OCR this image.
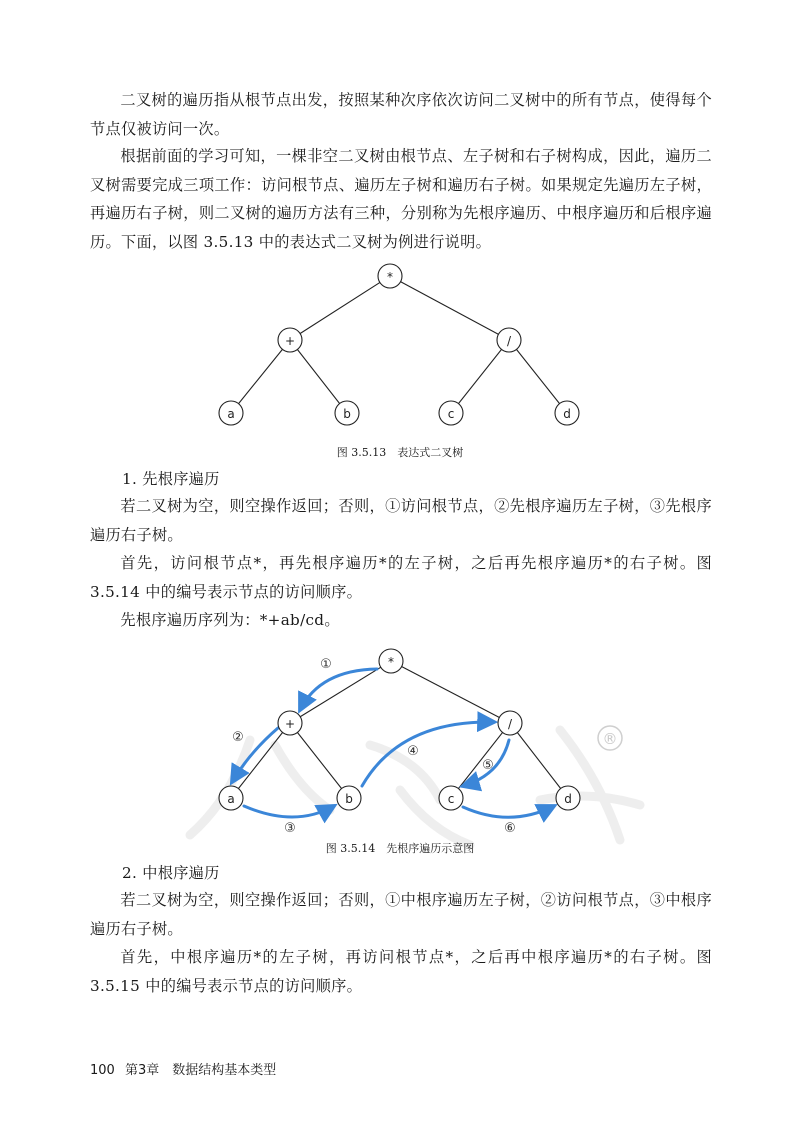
二叉树的遍历指从根节点出发，按照某种次序依次访问二叉树中的所有节点，使得每个节点仅被访问一次。

根据前面的学习可知，一棵非空二叉树由根节点、左子树和右子树构成，因此，遍历二叉树需要完成三项工作：访问根节点、遍历左子树和遍历右子树。如果规定先遍历左子树，再遍历右子树，则二叉树的遍历方法有三种，分别称为先根序遍历、中根序遍历和后根序遍历。下面，以图 3.5.13 中的表达式二叉树为例进行说明。

*
+	/
a	b	c	d

图 3.5.13　表达式二叉树

1. 先根序遍历

若二叉树为空，则空操作返回；否则，①访问根节点，②先根序遍历左子树，③先根序遍历右子树。

首先，访问根节点*，再先根序遍历*的左子树，之后再先根序遍历*的右子树。图 3.5.14 中的编号表示节点的访问顺序。

先根序遍历序列为：*+ab/cd。

®
*
+	/
a	b	c	d
①
②
③
④
⑤
⑥

图 3.5.14　先根序遍历示意图

2. 中根序遍历

若二叉树为空，则空操作返回；否则，①中根序遍历左子树，②访问根节点，③中根序遍历右子树。

首先，中根序遍历*的左子树，再访问根节点*，之后再中根序遍历*的右子树。图 3.5.15 中的编号表示节点的访问顺序。

100 第3章　数据结构基本类型
